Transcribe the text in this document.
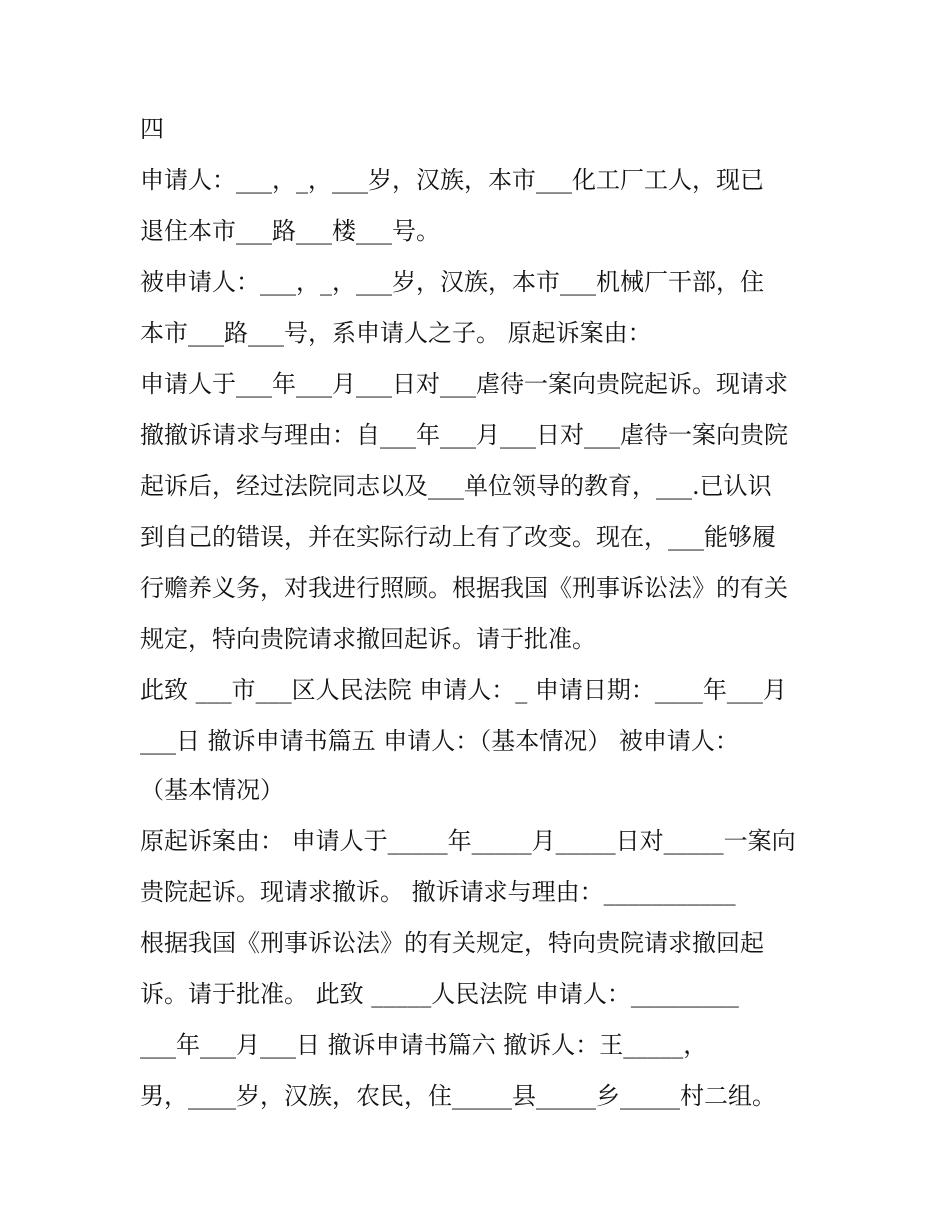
四
申请人：___，_，___岁，汉族，本市___化工厂工人，现已
退住本市___路___楼___号。
被申请人：___，_，___岁，汉族，本市___机械厂干部，住
本市___路___号，系申请人之子。 原起诉案由：
申请人于___年___月___日对___虐待一案向贵院起诉。现请求
撤撤诉请求与理由：自___年___月___日对___虐待一案向贵院
起诉后，经过法院同志以及___单位领导的教育，___.已认识
到自己的错误，并在实际行动上有了改变。现在，___能够履
行赡养义务，对我进行照顾。根据我国《刑事诉讼法》的有关
规定，特向贵院请求撤回起诉。请于批准。
此致 ___市___区人民法院 申请人：_ 申请日期：____年___月
___日 撤诉申请书篇五 申请人：（基本情况） 被申请人：
（基本情况）
原起诉案由： 申请人于_____年_____月_____日对_____一案向
贵院起诉。现请求撤诉。 撤诉请求与理由：___________
根据我国《刑事诉讼法》的有关规定，特向贵院请求撤回起
诉。请于批准。 此致 _____人民法院 申请人：_________
___年___月___日 撤诉申请书篇六 撤诉人：王_____，
男，____岁，汉族，农民，住_____县_____乡_____村二组。
